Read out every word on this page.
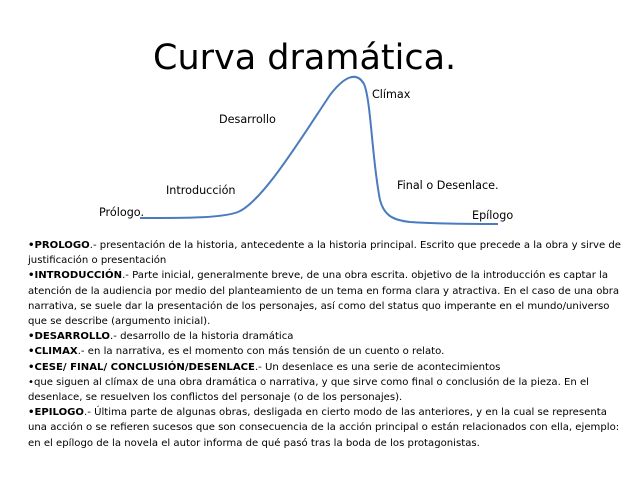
Curva dramática.
Prólogo.
Introducción
Desarrollo
Clímax
Final o Desenlace.
Epílogo

•PROLOGO.- presentación de la historia, antecedente a la historia principal. Escrito que precede a la obra y sirve de justificación o presentación

•INTRODUCCIÓN.- Parte inicial, generalmente breve, de una obra escrita. objetivo de la introducción es captar la atención de la audiencia por medio del planteamiento de un tema en forma clara y atractiva. En el caso de una obra narrativa, se suele dar la presentación de los personajes, así como del status quo imperante en el mundo/universo que se describe (argumento inicial).

•DESARROLLO.- desarrollo de la historia dramática

•CLIMAX.- en la narrativa, es el momento con más tensión de un cuento o relato.

•CESE/ FINAL/ CONCLUSIÓN/DESENLACE.- Un desenlace es una serie de acontecimientos

•que siguen al clímax de una obra dramática o narrativa, y que sirve como final o conclusión de la pieza. En el desenlace, se resuelven los conflictos del personaje (o de los personajes).

•EPILOGO.- Última parte de algunas obras, desligada en cierto modo de las anteriores, y en la cual se representa una acción o se refieren sucesos que son consecuencia de la acción principal o están relacionados con ella, ejemplo: en el epílogo de la novela el autor informa de qué pasó tras la boda de los protagonistas.
